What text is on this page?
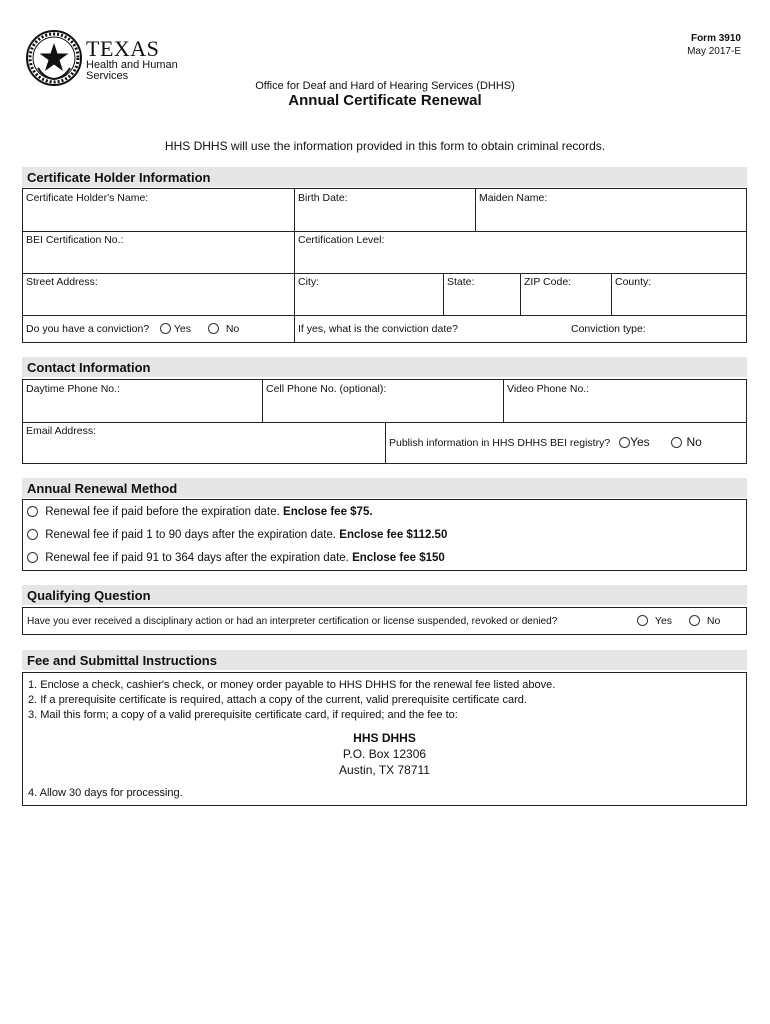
TEXAS
Health and Human
Services
Form 3910
May 2017-E
Office for Deaf and Hard of Hearing Services (DHHS)
Annual Certificate Renewal
HHS DHHS will use the information provided in this form to obtain criminal records.
Certificate Holder Information
Certificate Holder's Name:	Birth Date:	Maiden Name:
BEI Certification No.:	Certification Level:
Street Address:	City:	State:	ZIP Code:	County:
Do you have a conviction? Yes	No	If yes, what is the conviction date?	Conviction type:
Contact Information
Daytime Phone No.:	Cell Phone No. (optional):	Video Phone No.:
Email Address:
Publish information in HHS DHHS BEI registry? Yes	No
Annual Renewal Method
Renewal fee if paid before the expiration date. Enclose fee $75.
Renewal fee if paid 1 to 90 days after the expiration date. Enclose fee $112.50
Renewal fee if paid 91 to 364 days after the expiration date. Enclose fee $150
Qualifying Question
Have you ever received a disciplinary action or had an interpreter certification or license suspended, revoked or denied?	Yes	No
Fee and Submittal Instructions
1. Enclose a check, cashier's check, or money order payable to HHS DHHS for the renewal fee listed above.
2. If a prerequisite certificate is required, attach a copy of the current, valid prerequisite certificate card.
3. Mail this form; a copy of a valid prerequisite certificate card, if required; and the fee to:
HHS DHHS
P.O. Box 12306
Austin, TX 78711
4. Allow 30 days for processing.
